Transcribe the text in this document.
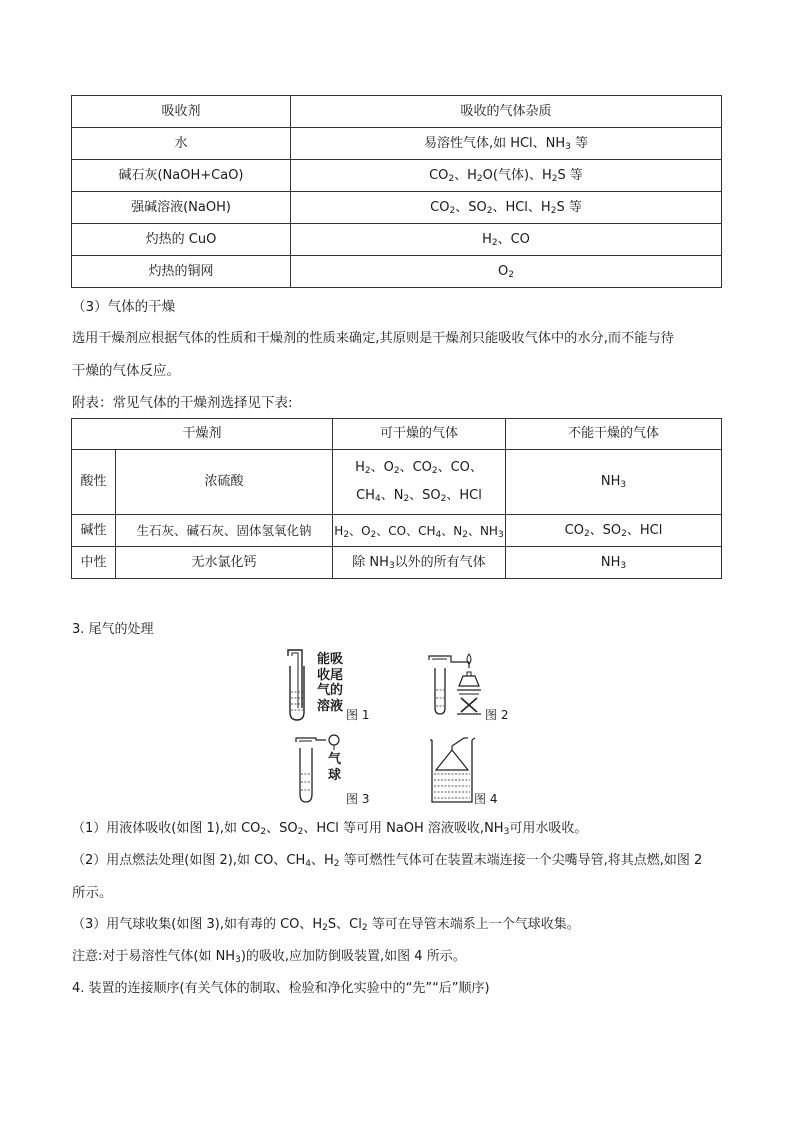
吸收剂	吸收的气体杂质
水	易溶性气体,如 HCl、$NH_3$ 等
碱石灰(NaOH+CaO)	$CO_2$、$H_2O$(气体)、$H_2S$ 等
强碱溶液(NaOH)	$CO_2$、$SO_2$、HCl、$H_2S$ 等
灼热的 CuO	$H_2$、CO
灼热的铜网	$O_2$
（3）气体的干燥
选用干燥剂应根据气体的性质和干燥剂的性质来确定,其原则是干燥剂只能吸收气体中的水分,而不能与待
干燥的气体反应。
附表：常见气体的干燥剂选择见下表:
干燥剂		可干燥的气体	不能干燥的气体
酸性	浓硫酸	$H_2$、$O_2$、$CO_2$、CO、
$CH_4$、$N_2$、$SO_2$、HCl	$NH_3$
碱性	生石灰、碱石灰、固体氢氧化钠	$H_2$、$O_2$、CO、$CH_4$、$N_2$、$NH_3$	$CO_2$、$SO_2$、HCl
中性	无水氯化钙	除 $NH_3$以外的所有气体	$NH_3$
3. 尾气的处理
能吸收尾气的溶液
图 1	图 2
气球
图 3	图 4
（1）用液体吸收(如图 1),如 $CO_2$、$SO_2$、HCl 等可用 NaOH 溶液吸收$,NH_3$可用水吸收。
（2）用点燃法处理(如图 2),如 CO、$CH_4$、$H_2$ 等可燃性气体可在装置末端连接一个尖嘴导管,将其点燃,如图 2
所示。
（3）用气球收集(如图 3),如有毒的 CO、$H_2S$、$Cl_2$ 等可在导管末端系上一个气球收集。
注意:对于易溶性气体(如 $NH_3$)的吸收,应加防倒吸装置,如图 4 所示。
4. 装置的连接顺序(有关气体的制取、检验和净化实验中的“先”“后”顺序)
